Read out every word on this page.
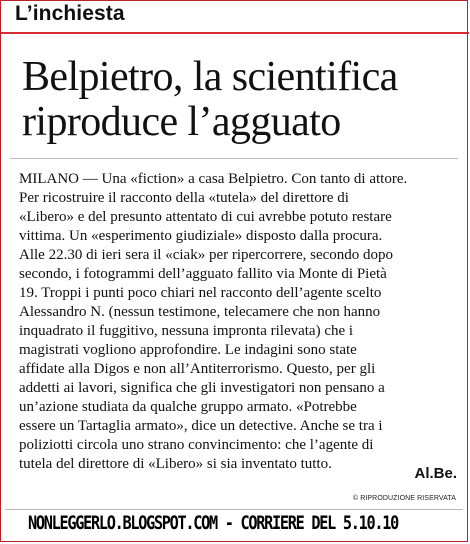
L’inchiesta
Belpietro, la scientifica
riproduce l’agguato
MILANO — Una «fiction» a casa Belpietro. Con tanto di attore.
Per ricostruire il racconto della «tutela» del direttore di
«Libero» e del presunto attentato di cui avrebbe potuto restare
vittima. Un «esperimento giudiziale» disposto dalla procura.
Alle 22.30 di ieri sera il «ciak» per ripercorrere, secondo dopo
secondo, i fotogrammi dell’agguato fallito via Monte di Pietà
19. Troppi i punti poco chiari nel racconto dell’agente scelto
Alessandro N. (nessun testimone, telecamere che non hanno
inquadrato il fuggitivo, nessuna impronta rilevata) che i
magistrati vogliono approfondire. Le indagini sono state
affidate alla Digos e non all’Antiterrorismo. Questo, per gli
addetti ai lavori, significa che gli investigatori non pensano a
un’azione studiata da qualche gruppo armato. «Potrebbe
essere un Tartaglia armato», dice un detective. Anche se tra i
poliziotti circola uno strano convincimento: che l’agente di
tutela del direttore di «Libero» si sia inventato tutto.
Al.Be.
© RIPRODUZIONE RISERVATA
NONLEGGERLO.BLOGSPOT.COM - CORRIERE DEL 5.10.10
